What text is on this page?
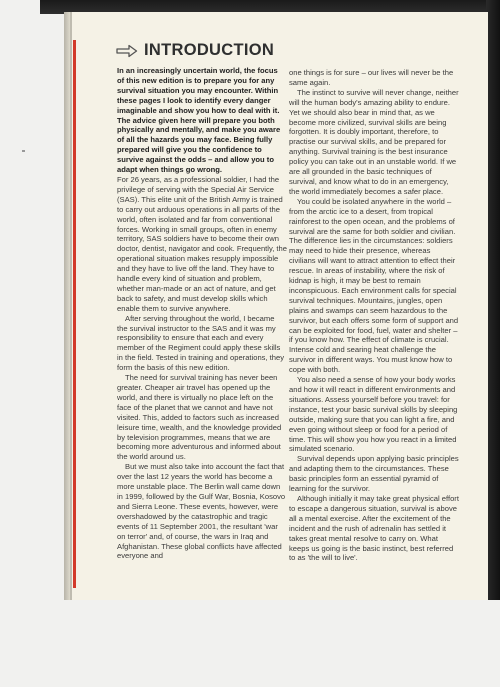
INTRODUCTION

In an increasingly uncertain world, the focus of this new edition is to prepare you for any survival situation you may encounter. Within these pages I look to identify every danger imaginable and show you how to deal with it. The advice given here will prepare you both physically and mentally, and make you aware of all the hazards you may face. Being fully prepared will give you the confidence to survive against the odds – and allow you to adapt when things go wrong.

For 26 years, as a professional soldier, I had the privilege of serving with the Special Air Service (SAS). This elite unit of the British Army is trained to carry out arduous operations in all parts of the world, often isolated and far from conventional forces. Working in small groups, often in enemy territory, SAS soldiers have to become their own doctor, dentist, navigator and cook. Frequently, the operational situation makes resupply impossible and they have to live off the land. They have to handle every kind of situation and problem, whether man-made or an act of nature, and get back to safety, and must develop skills which enable them to survive anywhere.

After serving throughout the world, I became the survival instructor to the SAS and it was my responsibility to ensure that each and every member of the Regiment could apply these skills in the field. Tested in training and operations, they form the basis of this new edition.

The need for survival training has never been greater. Cheaper air travel has opened up the world, and there is virtually no place left on the face of the planet that we cannot and have not visited. This, added to factors such as increased leisure time, wealth, and the knowledge provided by television programmes, means that we are becoming more adventurous and informed about the world around us.

But we must also take into account the fact that over the last 12 years the world has become a more unstable place. The Berlin wall came down in 1999, followed by the Gulf War, Bosnia, Kosovo and Sierra Leone. These events, however, were overshadowed by the catastrophic and tragic events of 11 September 2001, the resultant 'war on terror' and, of course, the wars in Iraq and Afghanistan. These global conflicts have affected everyone and

one things is for sure – our lives will never be the same again.

The instinct to survive will never change, neither will the human body's amazing ability to endure. Yet we should also bear in mind that, as we become more civilized, survival skills are being forgotten. It is doubly important, therefore, to practise our survival skills, and be prepared for anything. Survival training is the best insurance policy you can take out in an unstable world. If we are all grounded in the basic techniques of survival, and know what to do in an emergency, the world immediately becomes a safer place.

You could be isolated anywhere in the world – from the arctic ice to a desert, from tropical rainforest to the open ocean, and the problems of survival are the same for both soldier and civilian. The difference lies in the circumstances: soldiers may need to hide their presence, whereas civilians will want to attract attention to effect their rescue. In areas of instability, where the risk of kidnap is high, it may be best to remain inconspicuous. Each environment calls for special survival techniques. Mountains, jungles, open plains and swamps can seem hazardous to the survivor, but each offers some form of support and can be exploited for food, fuel, water and shelter – if you know how. The effect of climate is crucial. Intense cold and searing heat challenge the survivor in different ways. You must know how to cope with both.

You also need a sense of how your body works and how it will react in different environments and situations. Assess yourself before you travel: for instance, test your basic survival skills by sleeping outside, making sure that you can light a fire, and even going without sleep or food for a period of time. This will show you how you react in a limited simulated scenario.

Survival depends upon applying basic principles and adapting them to the circumstances. These basic principles form an essential pyramid of learning for the survivor.

Although initially it may take great physical effort to escape a dangerous situation, survival is above all a mental exercise. After the excitement of the incident and the rush of adrenalin has settled it takes great mental resolve to carry on. What keeps us going is the basic instinct, best referred to as 'the will to live'.
